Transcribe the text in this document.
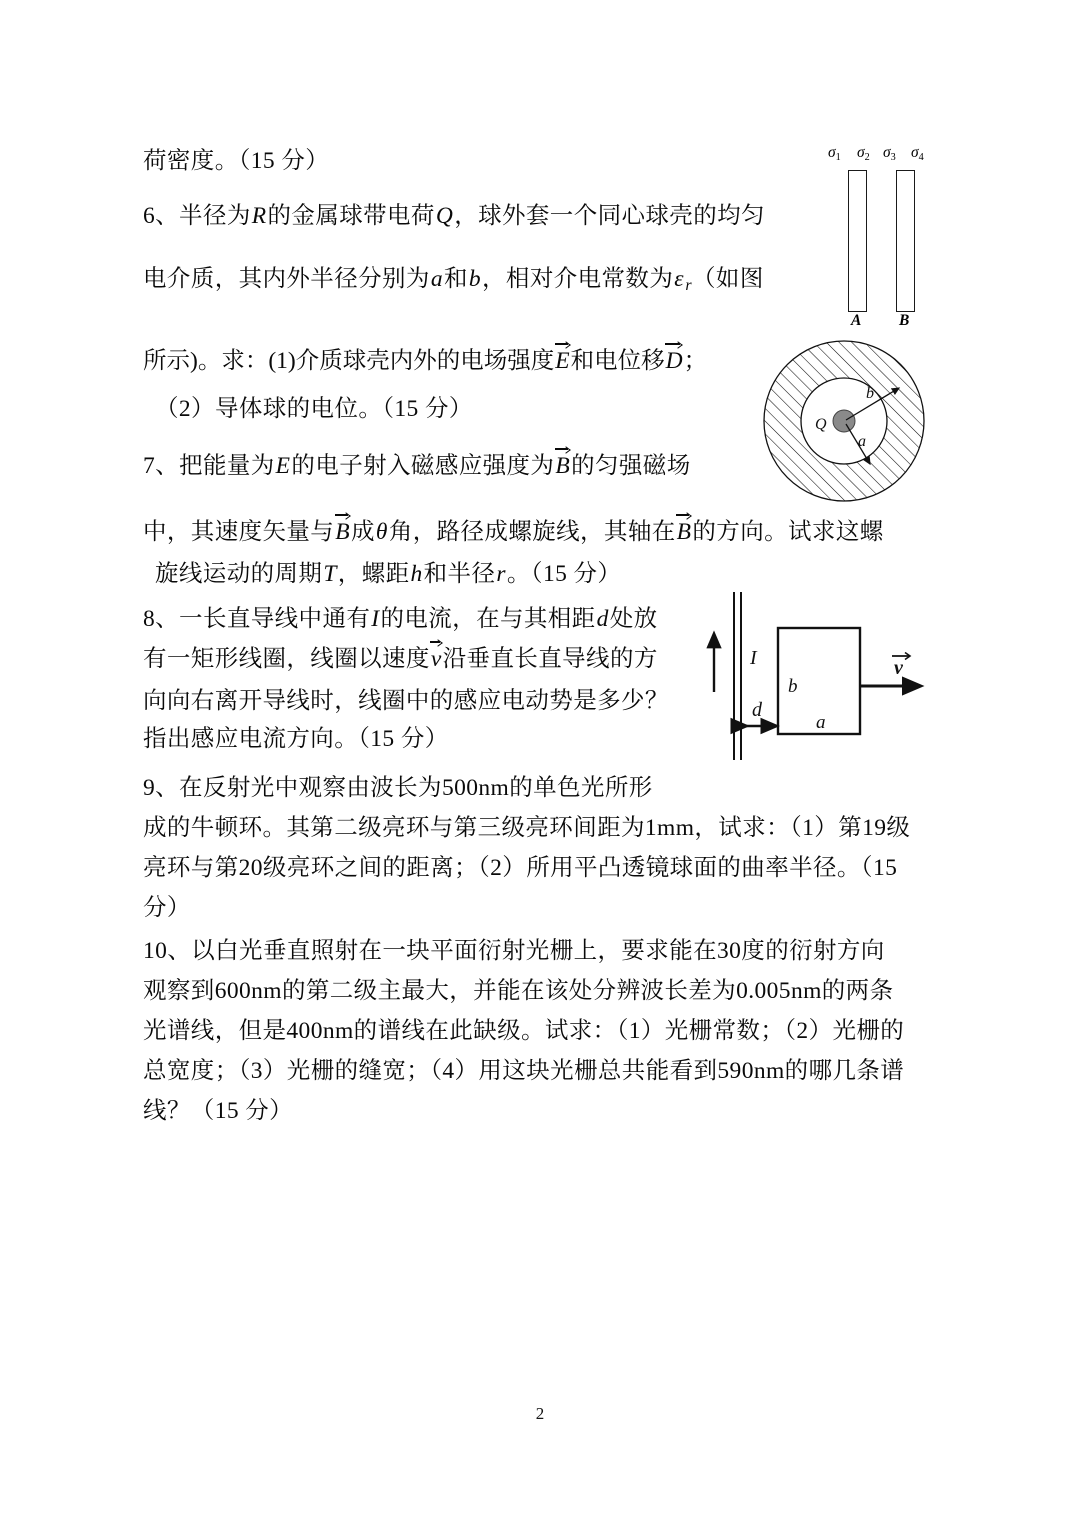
荷密度。（15 分）
6、半径为R的金属球带电荷Q，球外套一个同心球壳的均匀
电介质，其内外半径分别为a和b，相对介电常数为$\varepsilon_r$（如图
所示)。求：(1)介质球壳内外的电场强度E和电位移D；
（2）导体球的电位。（15 分）
7、把能量为E的电子射入磁感应强度为B的匀强磁场
中，其速度矢量与B成θ角，路径成螺旋线，其轴在B的方向。试求这螺
旋线运动的周期T，螺距h和半径r。（15 分）
8、一长直导线中通有I的电流，在与其相距d处放
有一矩形线圈，线圈以速度v沿垂直长直导线的方
向向右离开导线时，线圈中的感应电动势是多少？
指出感应电流方向。（15 分）
9、在反射光中观察由波长为500nm的单色光所形
成的牛顿环。其第二级亮环与第三级亮环间距为1mm，试求：（1）第19级
亮环与第20级亮环之间的距离；（2）所用平凸透镜球面的曲率半径。（15
分）
10、以白光垂直照射在一块平面衍射光栅上，要求能在30度的衍射方向
观察到600nm的第二级主最大，并能在该处分辨波长差为0.005nm的两条
光谱线，但是400nm的谱线在此缺级。试求：（1）光栅常数；（2）光栅的
总宽度；（3）光栅的缝宽；（4）用这块光栅总共能看到590nm的哪几条谱
线？（15 分）
σ1 σ2 σ3 σ4
A B
b
a
Q
I
b
a
d
v
2
